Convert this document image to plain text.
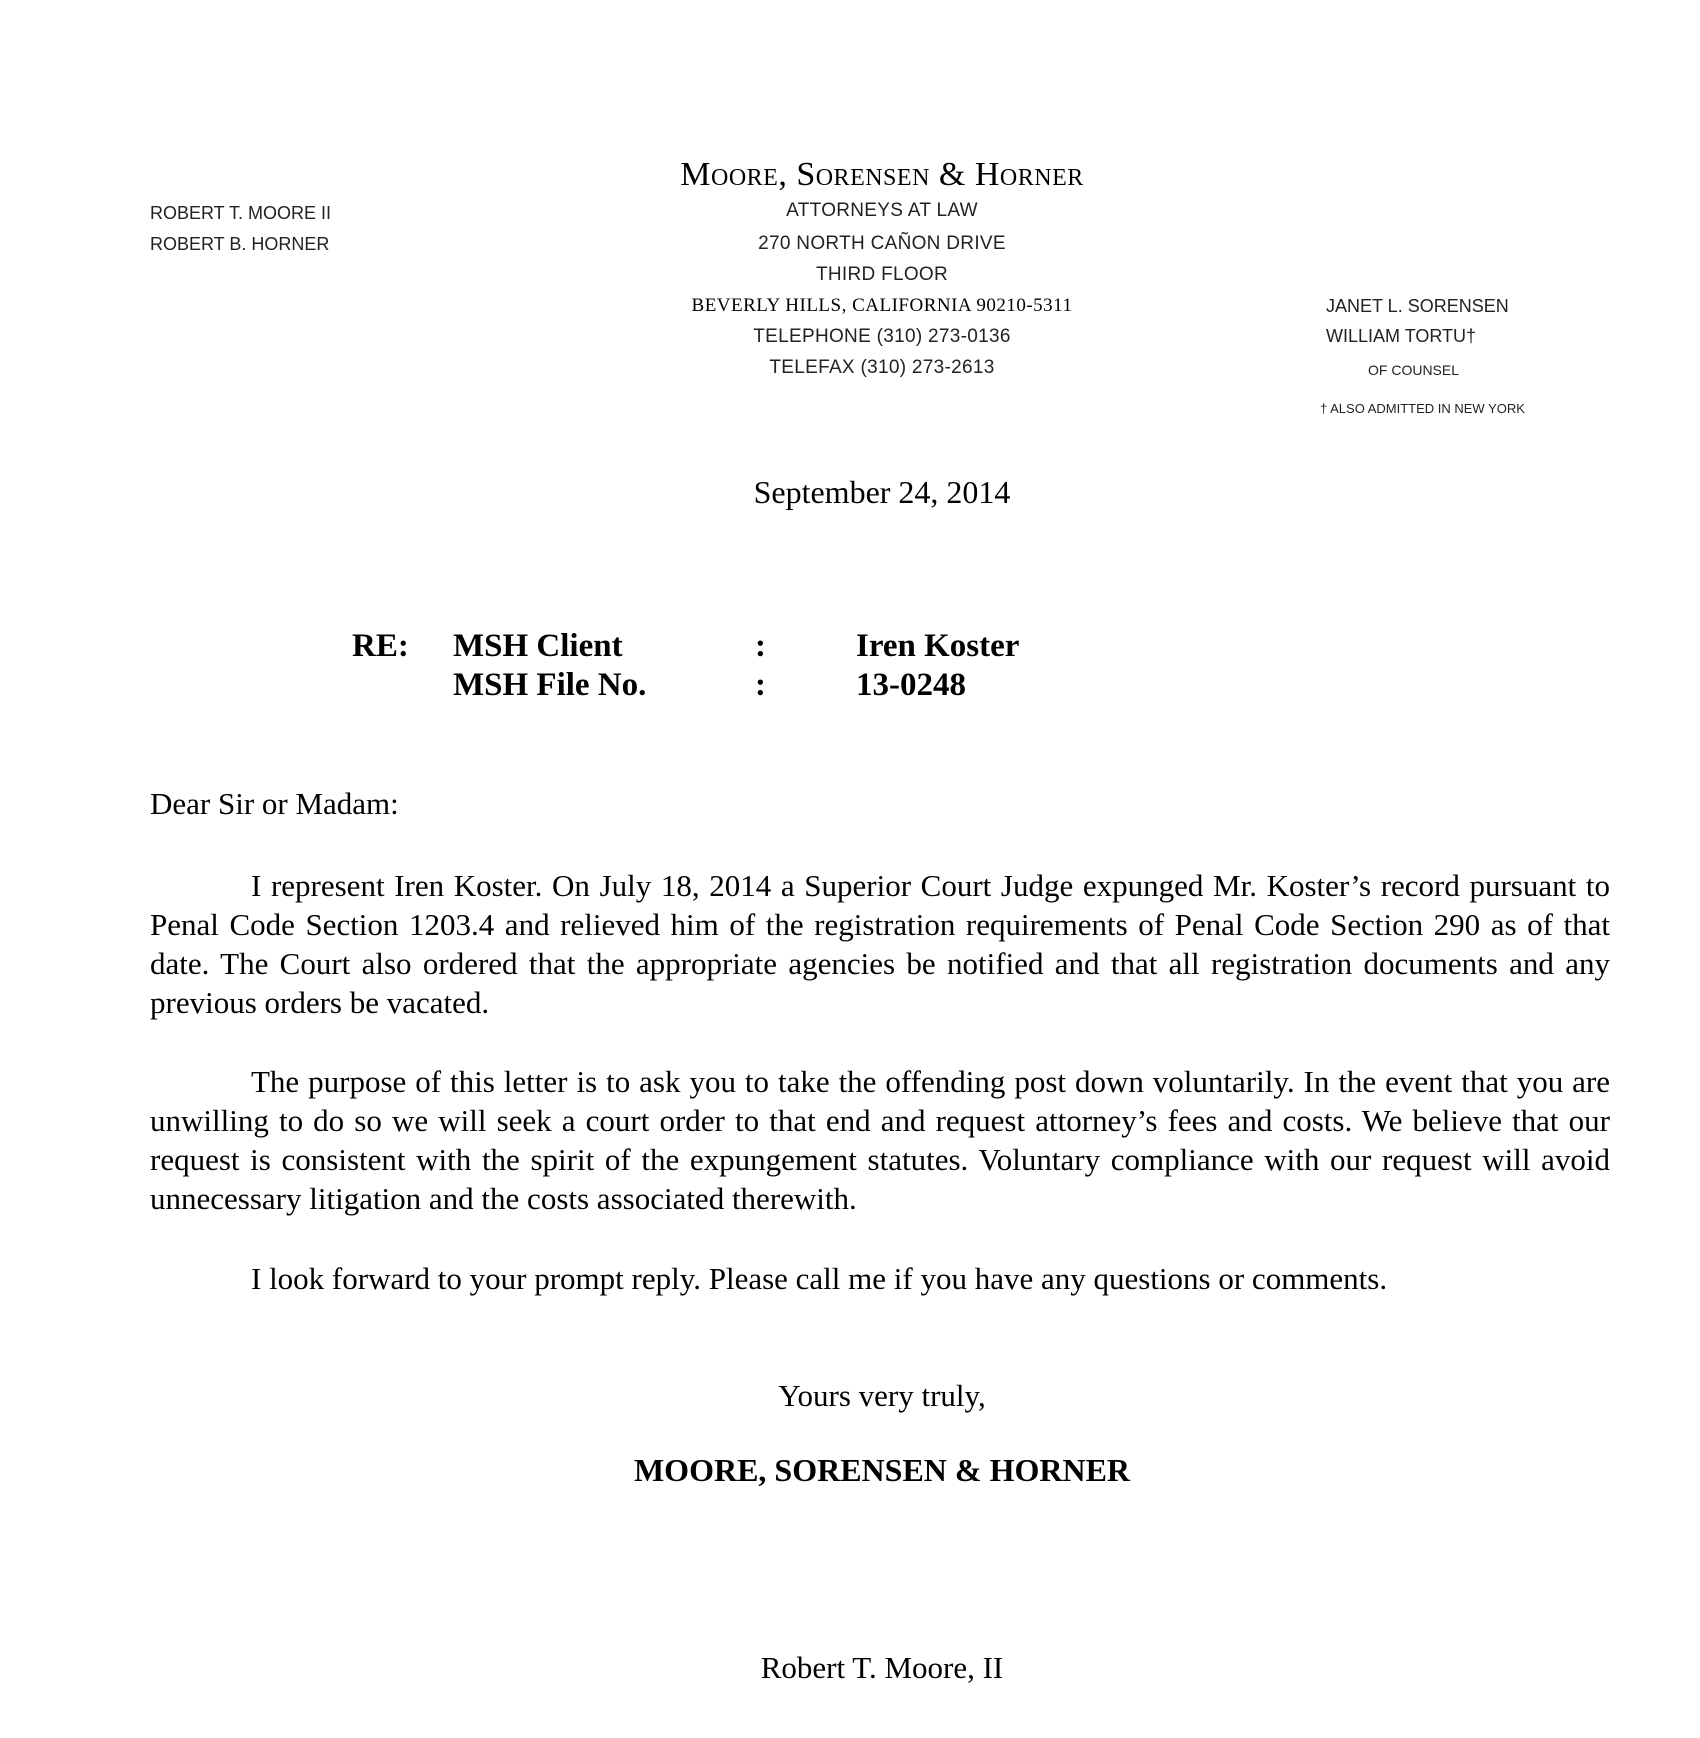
Moore, Sorensen & Horner
ATTORNEYS AT LAW
270 NORTH CAÑON DRIVE
THIRD FLOOR
BEVERLY HILLS, CALIFORNIA 90210-5311
TELEPHONE (310) 273-0136
TELEFAX (310) 273-2613
ROBERT T. MOORE II
ROBERT B. HORNER
JANET L. SORENSEN
WILLIAM TORTU†
OF COUNSEL
† ALSO ADMITTED IN NEW YORK
September 24, 2014
RE: MSH Client	:	Iren Koster
MSH File No.	:	13-0248
Dear Sir or Madam:
I represent Iren Koster. On July 18, 2014 a Superior Court Judge expunged Mr. Koster’s record pursuant to Penal Code Section 1203.4 and relieved him of the registration requirements of Penal Code Section 290 as of that date. The Court also ordered that the appropriate agencies be notified and that all registration documents and any previous orders be vacated.
The purpose of this letter is to ask you to take the offending post down voluntarily. In the event that you are unwilling to do so we will seek a court order to that end and request attorney’s fees and costs. We believe that our request is consistent with the spirit of the expungement statutes. Voluntary compliance with our request will avoid unnecessary litigation and the costs associated therewith.
I look forward to your prompt reply. Please call me if you have any questions or comments.
Yours very truly,
MOORE, SORENSEN & HORNER
Robert T. Moore, II
